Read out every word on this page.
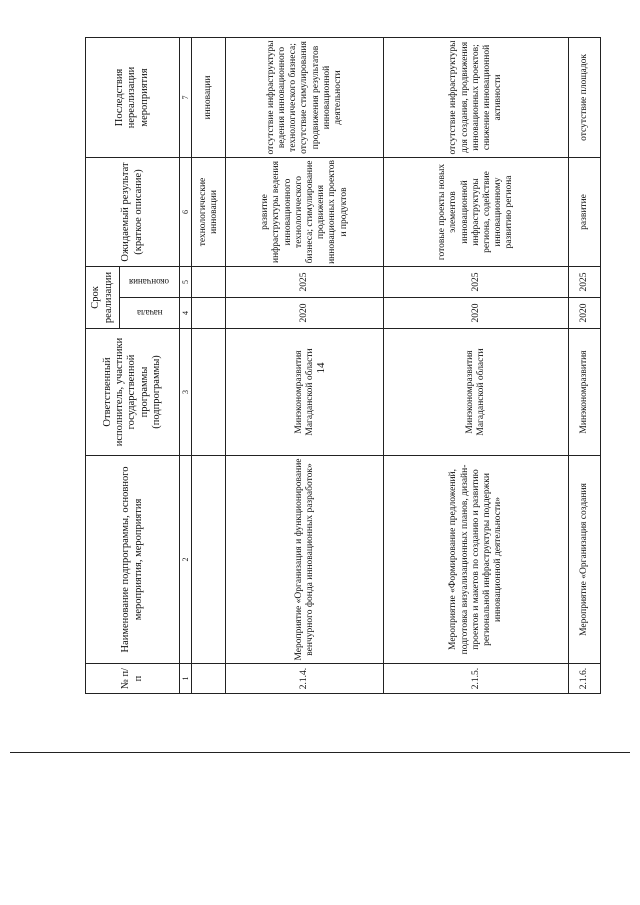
14
№ п/п	Наименование подпрограммы, основного мероприятия, мероприятия	Ответственный исполнитель, участники государственной программы (подпрограммы)	Срок реализации		Ожидаемый результат (краткое описание)	Последствия нереализации мероприятия

			начала	окончания		

1	2	3	4	5	6	7
					технологические инновации	инновации
2.1.4.	Мероприятие «Организация и функционирование венчурного фонда инновационных разработок»	Минэкономразвития Магаданской области	2020	2025	развитие инфраструктуры ведения инновационного технологического бизнеса; стимулирование продвижения инновационных проектов и продуктов	отсутствие инфраструктуры ведения инновационного технологического бизнеса; отсутствие стимулирования продвижения результатов инновационной деятельности
2.1.5.	Мероприятие «Формирование предложений, подготовка визуализационных планов, дизайн-проектов и макетов по созданию и развитию региональной инфраструктуры поддержки инновационной деятельности»	Минэкономразвития Магаданской области	2020	2025	готовые проекты новых элементов инновационной инфраструктуры региона, содействие инновационному развитию региона	отсутствие инфраструктуры для создания, продвижения инновационных проектов; снижение инновационной активности
2.1.6.	Мероприятие «Организация создания	Минэкономразвития	2020	2025	развитие	отсутствие площадок
